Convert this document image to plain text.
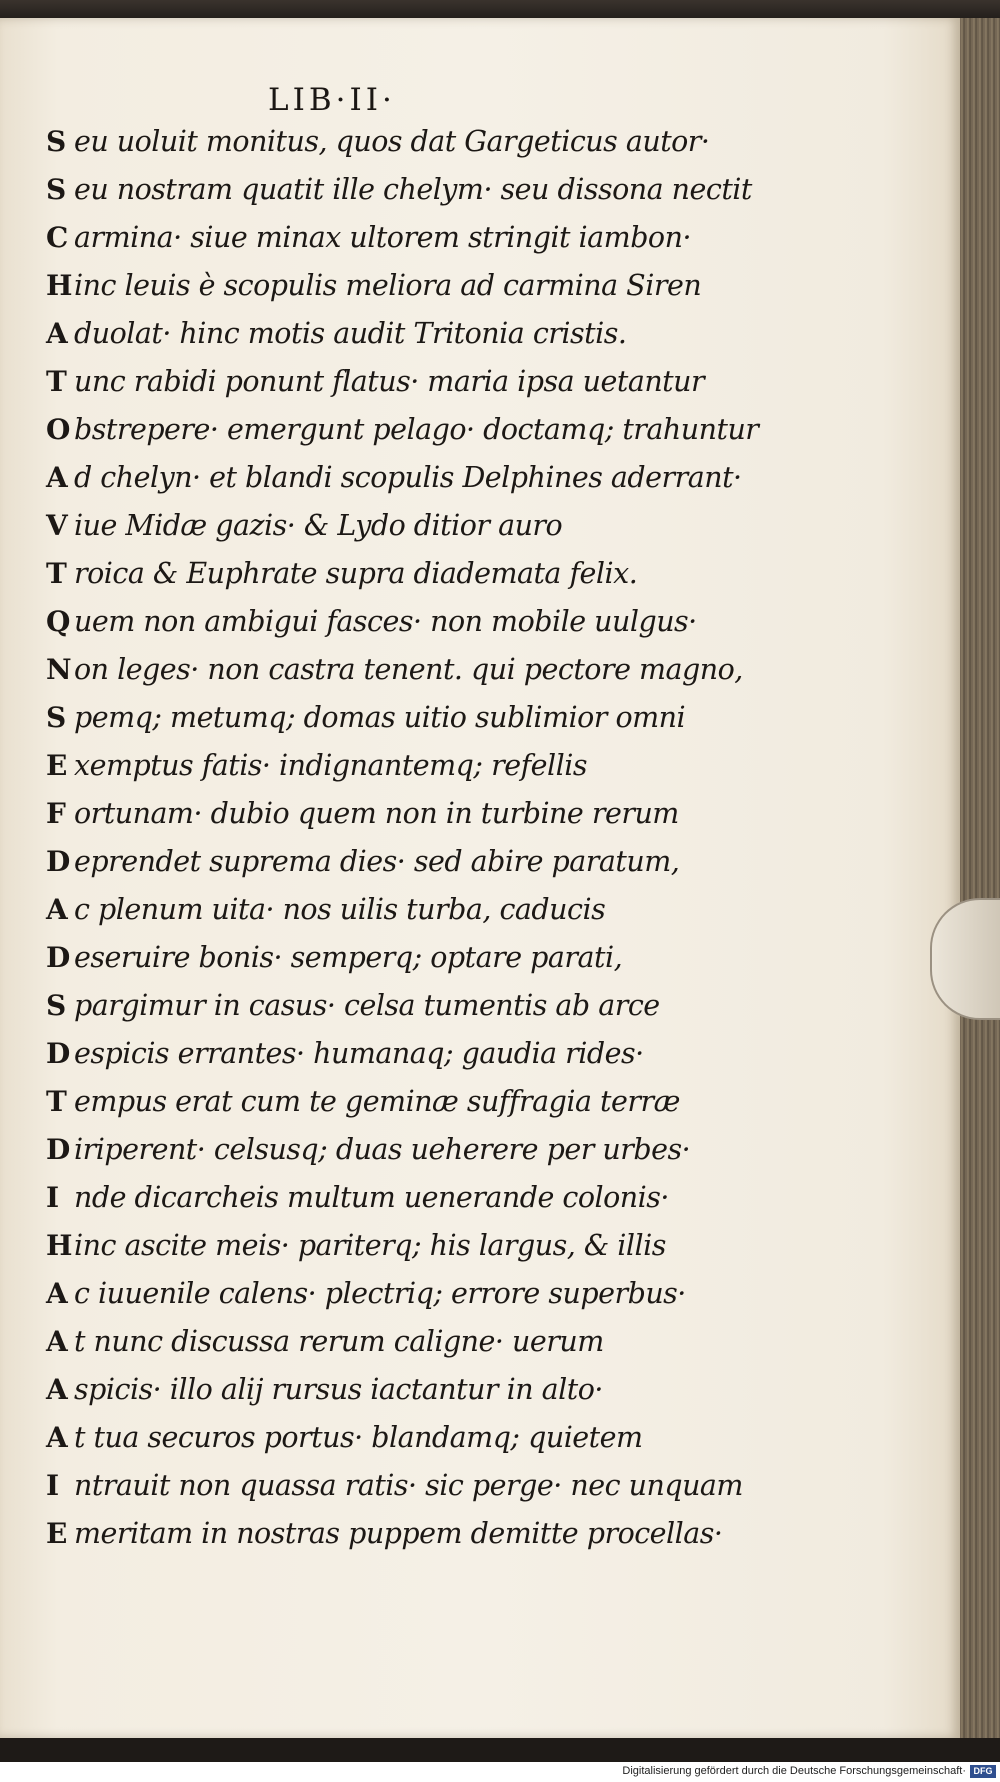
LIB·II·
S eu uoluit monitus, quos dat Gargeticus autor·
S eu nostram quatit ille chelym· seu dissona nectit
C armina· siue minax ultorem stringit iambon·
Hinc leuis è scopulis meliora ad carmina Siren
A duolat· hinc motis audit Tritonia cristis.
T unc rabidi ponunt flatus· maria ipsa uetantur
O bstrepere· emergunt pelago· doctamq; trahuntur
A d chelyn· et blandi scopulis Delphines aderrant·
V iue Midæ gazis· & Lydo ditior auro
T roica & Euphrate supra diademata felix.
Q uem non ambigui fasces· non mobile uulgus·
Non leges· non castra tenent. qui pectore magno,
S pemq; metumq; domas uitio sublimior omni
E xemptus fatis· indignantemq; refellis
F ortunam· dubio quem non in turbine rerum
D eprendet suprema dies· sed abire paratum,
A c plenum uita· nos uilis turba, caducis
D eseruire bonis· semperq; optare parati,
S pargimur in casus· celsa tumentis ab arce
D espicis errantes· humanaq; gaudia rides·
T empus erat cum te geminæ suffragia terræ
D iriperent· celsusq; duas ueherere per urbes·
I nde dicarcheis multum uenerande colonis·
Hinc ascite meis· pariterq; his largus, & illis
A c iuuenile calens· plectriq; errore superbus·
A t nunc discussa rerum caligne· uerum
A spicis· illo alij rursus iactantur in alto·
A t tua securos portus· blandamq; quietem
I ntrauit non quassa ratis· sic perge· nec unquam
E meritam in nostras puppem demitte procellas·
Digitalisierung gefördert durch die Deutsche Forschungsgemeinschaft· DFG
